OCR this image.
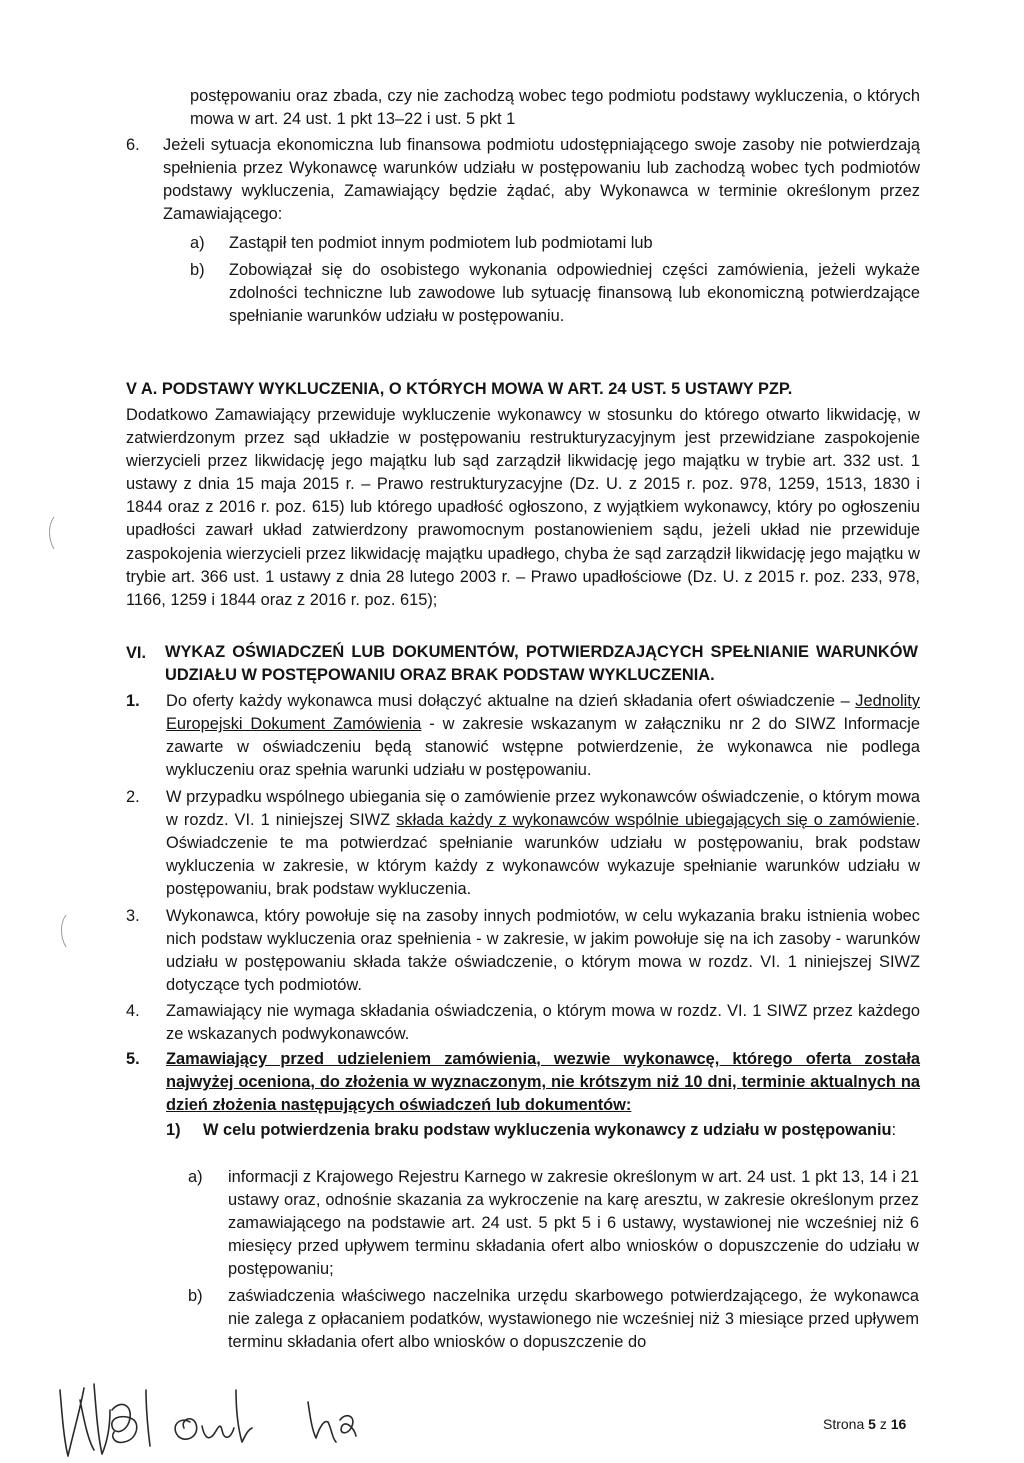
postępowaniu oraz zbada, czy nie zachodzą wobec tego podmiotu podstawy wykluczenia, o których mowa w art. 24 ust. 1 pkt 13–22 i ust. 5 pkt 1

6. Jeżeli sytuacja ekonomiczna lub finansowa podmiotu udostępniającego swoje zasoby nie potwierdzają spełnienia przez Wykonawcę warunków udziału w postępowaniu lub zachodzą wobec tych podmiotów podstawy wykluczenia, Zamawiający będzie żądać, aby Wykonawca w terminie określonym przez Zamawiającego:

a) Zastąpił ten podmiot innym podmiotem lub podmiotami lub

b) Zobowiązał się do osobistego wykonania odpowiedniej części zamówienia, jeżeli wykaże zdolności techniczne lub zawodowe lub sytuację finansową lub ekonomiczną potwierdzające spełnianie warunków udziału w postępowaniu.

V A. PODSTAWY WYKLUCZENIA, O KTÓRYCH MOWA W ART. 24 UST. 5 USTAWY PZP.

Dodatkowo Zamawiający przewiduje wykluczenie wykonawcy w stosunku do którego otwarto likwidację, w zatwierdzonym przez sąd układzie w postępowaniu restrukturyzacyjnym jest przewidziane zaspokojenie wierzycieli przez likwidację jego majątku lub sąd zarządził likwidację jego majątku w trybie art. 332 ust. 1 ustawy z dnia 15 maja 2015 r. – Prawo restrukturyzacyjne (Dz. U. z 2015 r. poz. 978, 1259, 1513, 1830 i 1844 oraz z 2016 r. poz. 615) lub którego upadłość ogłoszono, z wyjątkiem wykonawcy, który po ogłoszeniu upadłości zawarł układ zatwierdzony prawomocnym postanowieniem sądu, jeżeli układ nie przewiduje zaspokojenia wierzycieli przez likwidację majątku upadłego, chyba że sąd zarządził likwidację jego majątku w trybie art. 366 ust. 1 ustawy z dnia 28 lutego 2003 r. – Prawo upadłościowe (Dz. U. z 2015 r. poz. 233, 978, 1166, 1259 i 1844 oraz z 2016 r. poz. 615);

VI. WYKAZ OŚWIADCZEŃ LUB DOKUMENTÓW, POTWIERDZAJĄCYCH SPEŁNIANIE WARUNKÓW UDZIAŁU W POSTĘPOWANIU ORAZ BRAK PODSTAW WYKLUCZENIA.

1. Do oferty każdy wykonawca musi dołączyć aktualne na dzień składania ofert oświadczenie – Jednolity Europejski Dokument Zamówienia - w zakresie wskazanym w załączniku nr 2 do SIWZ Informacje zawarte w oświadczeniu będą stanowić wstępne potwierdzenie, że wykonawca nie podlega wykluczeniu oraz spełnia warunki udziału w postępowaniu.

2. W przypadku wspólnego ubiegania się o zamówienie przez wykonawców oświadczenie, o którym mowa w rozdz. VI. 1 niniejszej SIWZ składa każdy z wykonawców wspólnie ubiegających się o zamówienie. Oświadczenie te ma potwierdzać spełnianie warunków udziału w postępowaniu, brak podstaw wykluczenia w zakresie, w którym każdy z wykonawców wykazuje spełnianie warunków udziału w postępowaniu, brak podstaw wykluczenia.

3. Wykonawca, który powołuje się na zasoby innych podmiotów, w celu wykazania braku istnienia wobec nich podstaw wykluczenia oraz spełnienia - w zakresie, w jakim powołuje się na ich zasoby - warunków udziału w postępowaniu składa także oświadczenie, o którym mowa w rozdz. VI. 1 niniejszej SIWZ dotyczące tych podmiotów.

4. Zamawiający nie wymaga składania oświadczenia, o którym mowa w rozdz. VI. 1 SIWZ przez każdego ze wskazanych podwykonawców.

5. Zamawiający przed udzieleniem zamówienia, wezwie wykonawcę, którego oferta została najwyżej oceniona, do złożenia w wyznaczonym, nie krótszym niż 10 dni, terminie aktualnych na dzień złożenia następujących oświadczeń lub dokumentów:

1) W celu potwierdzenia braku podstaw wykluczenia wykonawcy z udziału w postępowaniu:

a) informacji z Krajowego Rejestru Karnego w zakresie określonym w art. 24 ust. 1 pkt 13, 14 i 21 ustawy oraz, odnośnie skazania za wykroczenie na karę aresztu, w zakresie określonym przez zamawiającego na podstawie art. 24 ust. 5 pkt 5 i 6 ustawy, wystawionej nie wcześniej niż 6 miesięcy przed upływem terminu składania ofert albo wniosków o dopuszczenie do udziału w postępowaniu;

b) zaświadczenia właściwego naczelnika urzędu skarbowego potwierdzającego, że wykonawca nie zalega z opłacaniem podatków, wystawionego nie wcześniej niż 3 miesiące przed upływem terminu składania ofert albo wniosków o dopuszczenie do

Strona 5 z 16
